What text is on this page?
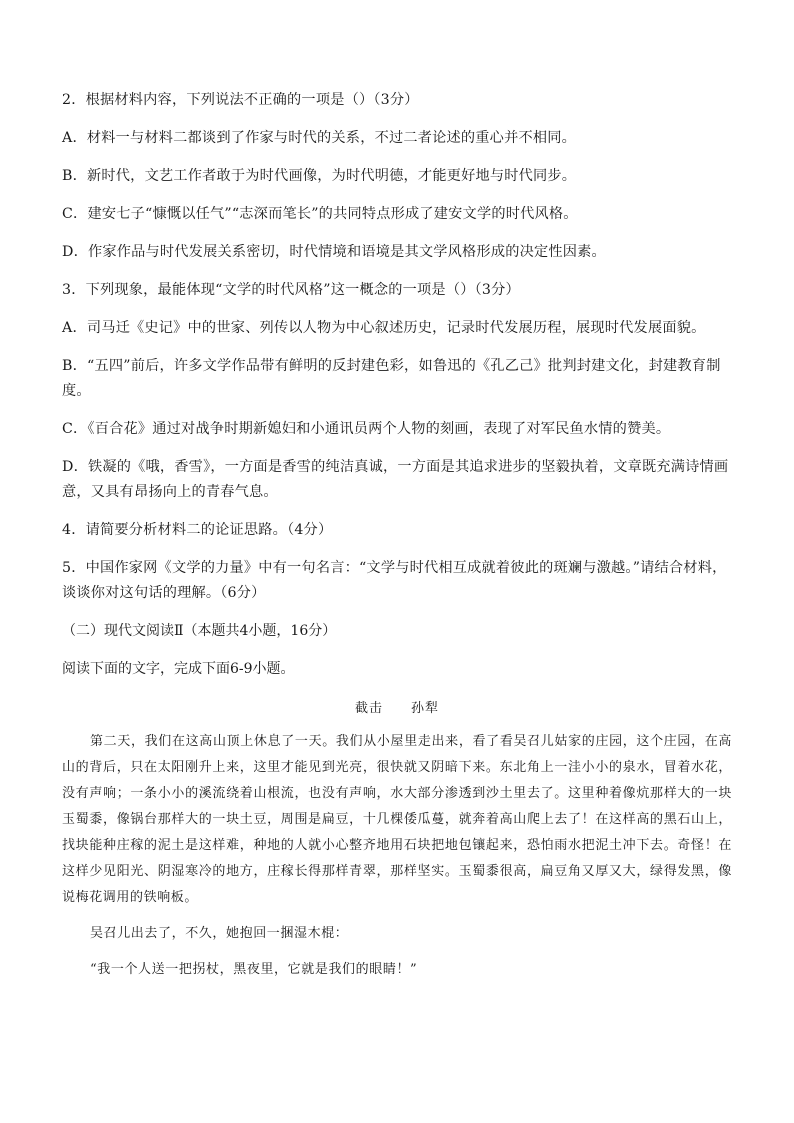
2．根据材料内容，下列说法不正确的一项是（）（3分）

A．材料一与材料二都谈到了作家与时代的关系，不过二者论述的重心并不相同。

B．新时代，文艺工作者敢于为时代画像，为时代明德，才能更好地与时代同步。

C．建安七子“慷慨以任气”“志深而笔长”的共同特点形成了建安文学的时代风格。

D．作家作品与时代发展关系密切，时代情境和语境是其文学风格形成的决定性因素。

3．下列现象，最能体现“文学的时代风格”这一概念的一项是（）（3分）

A．司马迁《史记》中的世家、列传以人物为中心叙述历史，记录时代发展历程，展现时代发展面貌。

B．“五四”前后，许多文学作品带有鲜明的反封建色彩，如鲁迅的《孔乙己》批判封建文化，封建教育制度。

C．《百合花》通过对战争时期新媳妇和小通讯员两个人物的刻画，表现了对军民鱼水情的赞美。

D．铁凝的《哦，香雪》，一方面是香雪的纯洁真诚，一方面是其追求进步的坚毅执着，文章既充满诗情画意，又具有昂扬向上的青春气息。

4．请简要分析材料二的论证思路。（4分）

5．中国作家网《文学的力量》中有一句名言：“文学与时代相互成就着彼此的斑斓与激越。”请结合材料，谈谈你对这句话的理解。（6分）

（二）现代文阅读Ⅱ（本题共4小题，16分）

阅读下面的文字，完成下面6-9小题。

截击 孙犁

第二天，我们在这高山顶上休息了一天。我们从小屋里走出来，看了看吴召儿姑家的庄园，这个庄园，在高山的背后，只在太阳刚升上来，这里才能见到光亮，很快就又阴暗下来。东北角上一洼小小的泉水，冒着水花，没有声响；一条小小的溪流绕着山根流，也没有声响，水大部分渗透到沙土里去了。这里种着像炕那样大的一块玉蜀黍，像锅台那样大的一块土豆，周围是扁豆，十几棵倭瓜蔓，就奔着高山爬上去了！在这样高的黑石山上，找块能种庄稼的泥土是这样难，种地的人就小心整齐地用石块把地包镶起来，恐怕雨水把泥土冲下去。奇怪！在这样少见阳光、阴湿寒冷的地方，庄稼长得那样青翠，那样坚实。玉蜀黍很高，扁豆角又厚又大，绿得发黑，像说梅花调用的铁响板。

吴召儿出去了，不久，她抱回一捆湿木棍：

“我一个人送一把拐杖，黑夜里，它就是我们的眼睛！”
